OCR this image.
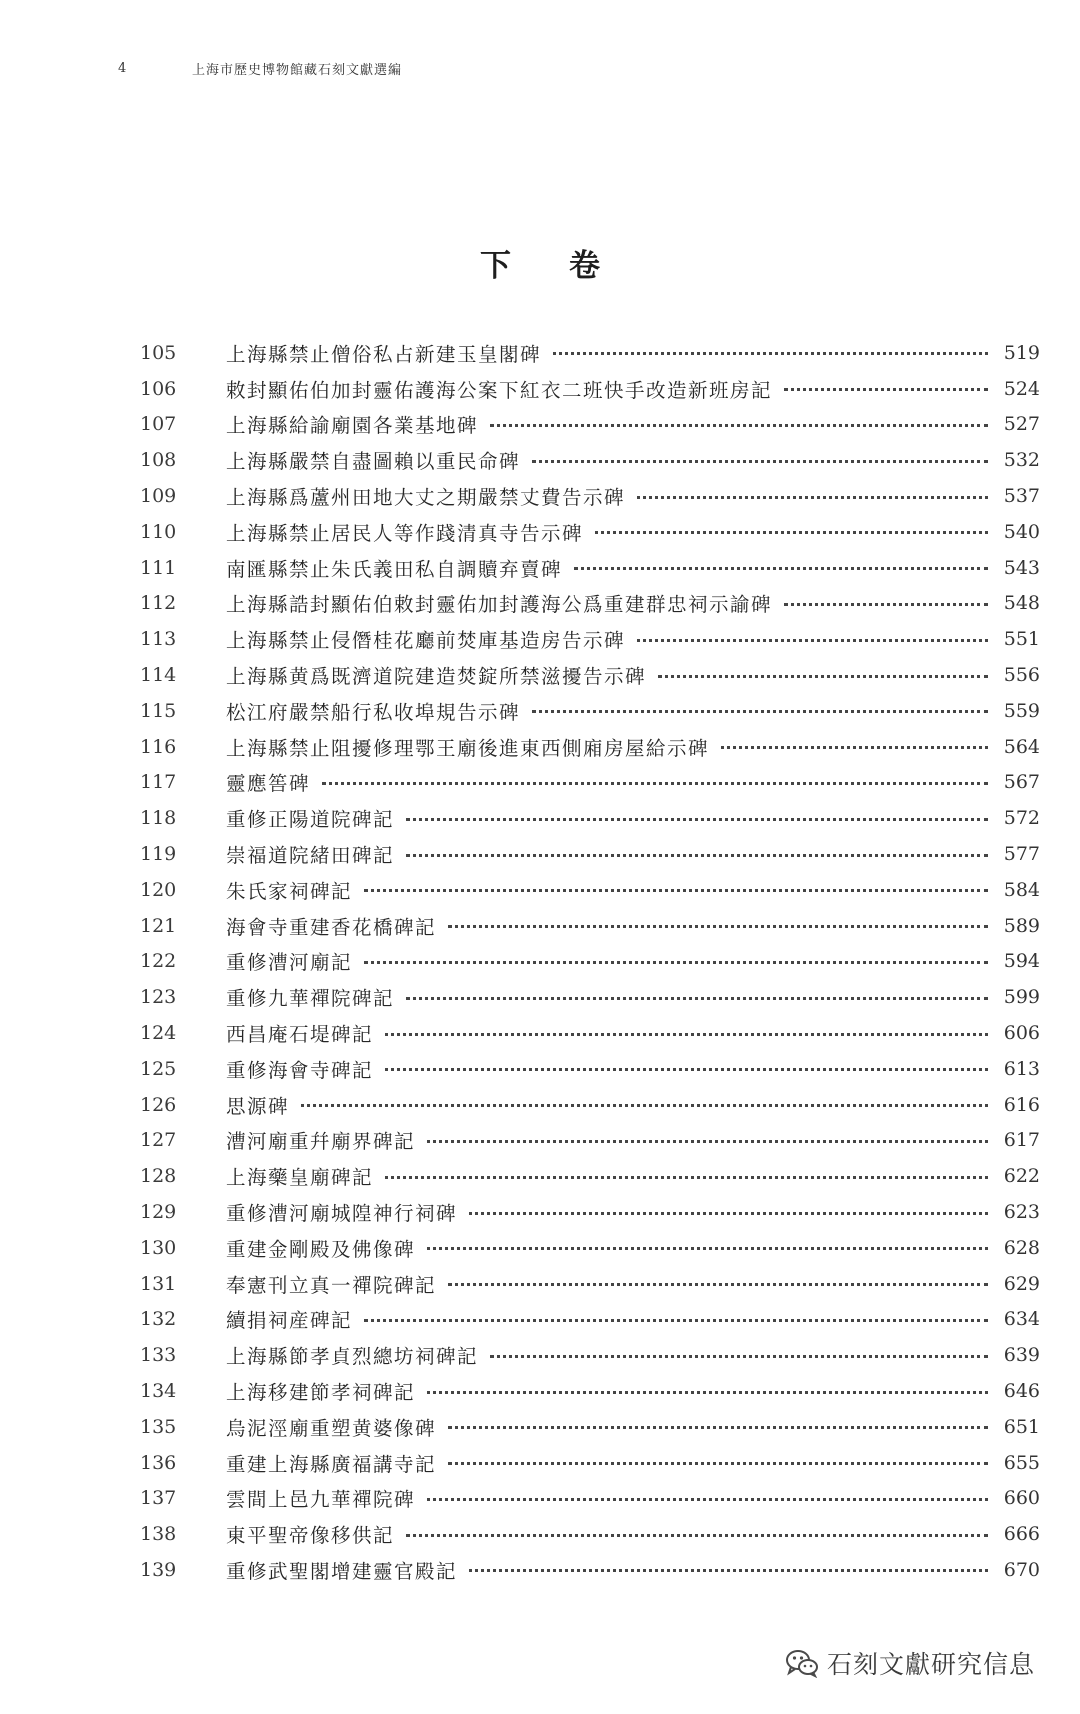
4	上海市歷史博物館藏石刻文獻選編
下卷
105	上海縣禁止僧俗私占新建玉皇閣碑	519
106	敕封顯佑伯加封靈佑護海公案下紅衣二班快手改造新班房記	524
107	上海縣給諭廟園各業基地碑	527
108	上海縣嚴禁自盡圖賴以重民命碑	532
109	上海縣爲蘆州田地大丈之期嚴禁丈費告示碑	537
110	上海縣禁止居民人等作踐清真寺告示碑	540
111	南匯縣禁止朱氏義田私自調贖弃賣碑	543
112	上海縣誥封顯佑伯敕封靈佑加封護海公爲重建群忠祠示諭碑	548
113	上海縣禁止侵僭桂花廳前焚庫基造房告示碑	551
114	上海縣黄爲既濟道院建造焚錠所禁滋擾告示碑	556
115	松江府嚴禁船行私收埠規告示碑	559
116	上海縣禁止阻擾修理鄂王廟後進東西側廂房屋給示碑	564
117	靈應筶碑	567
118	重修正陽道院碑記	572
119	崇福道院緒田碑記	577
120	朱氏家祠碑記	584
121	海會寺重建香花橋碑記	589
122	重修漕河廟記	594
123	重修九華禪院碑記	599
124	西昌庵石堤碑記	606
125	重修海會寺碑記	613
126	思源碑	616
127	漕河廟重幷廟界碑記	617
128	上海藥皇廟碑記	622
129	重修漕河廟城隍神行祠碑	623
130	重建金剛殿及佛像碑	628
131	奉憲刊立真一禪院碑記	629
132	續捐祠産碑記	634
133	上海縣節孝貞烈總坊祠碑記	639
134	上海移建節孝祠碑記	646
135	烏泥涇廟重塑黄婆像碑	651
136	重建上海縣廣福講寺記	655
137	雲間上邑九華禪院碑	660
138	東平聖帝像移供記	666
139	重修武聖閣增建靈官殿記	670
石刻文獻研究信息
